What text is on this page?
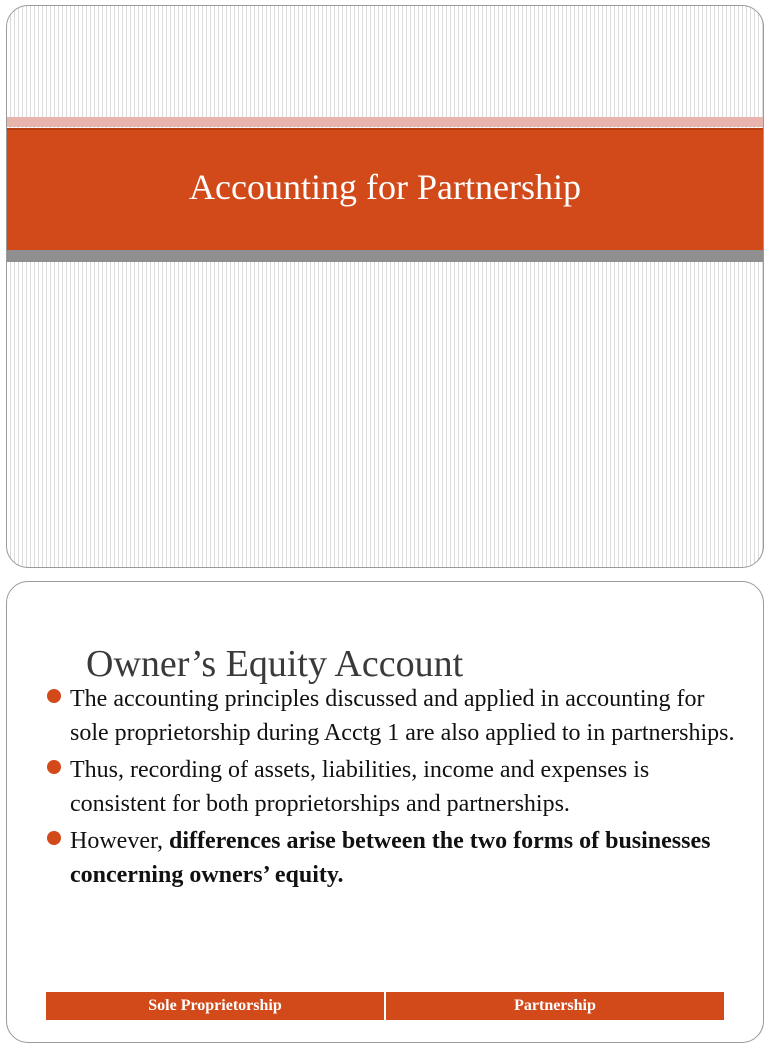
Accounting for Partnership
Owner’s Equity Account
The accounting principles discussed and applied in accounting for sole proprietorship during Acctg 1 are also applied to in partnerships.
Thus, recording of assets, liabilities, income and expenses is consistent for both proprietorships and partnerships.
However, differences arise between the two forms of businesses concerning owners’ equity.
Sole Proprietorship	Partnership
